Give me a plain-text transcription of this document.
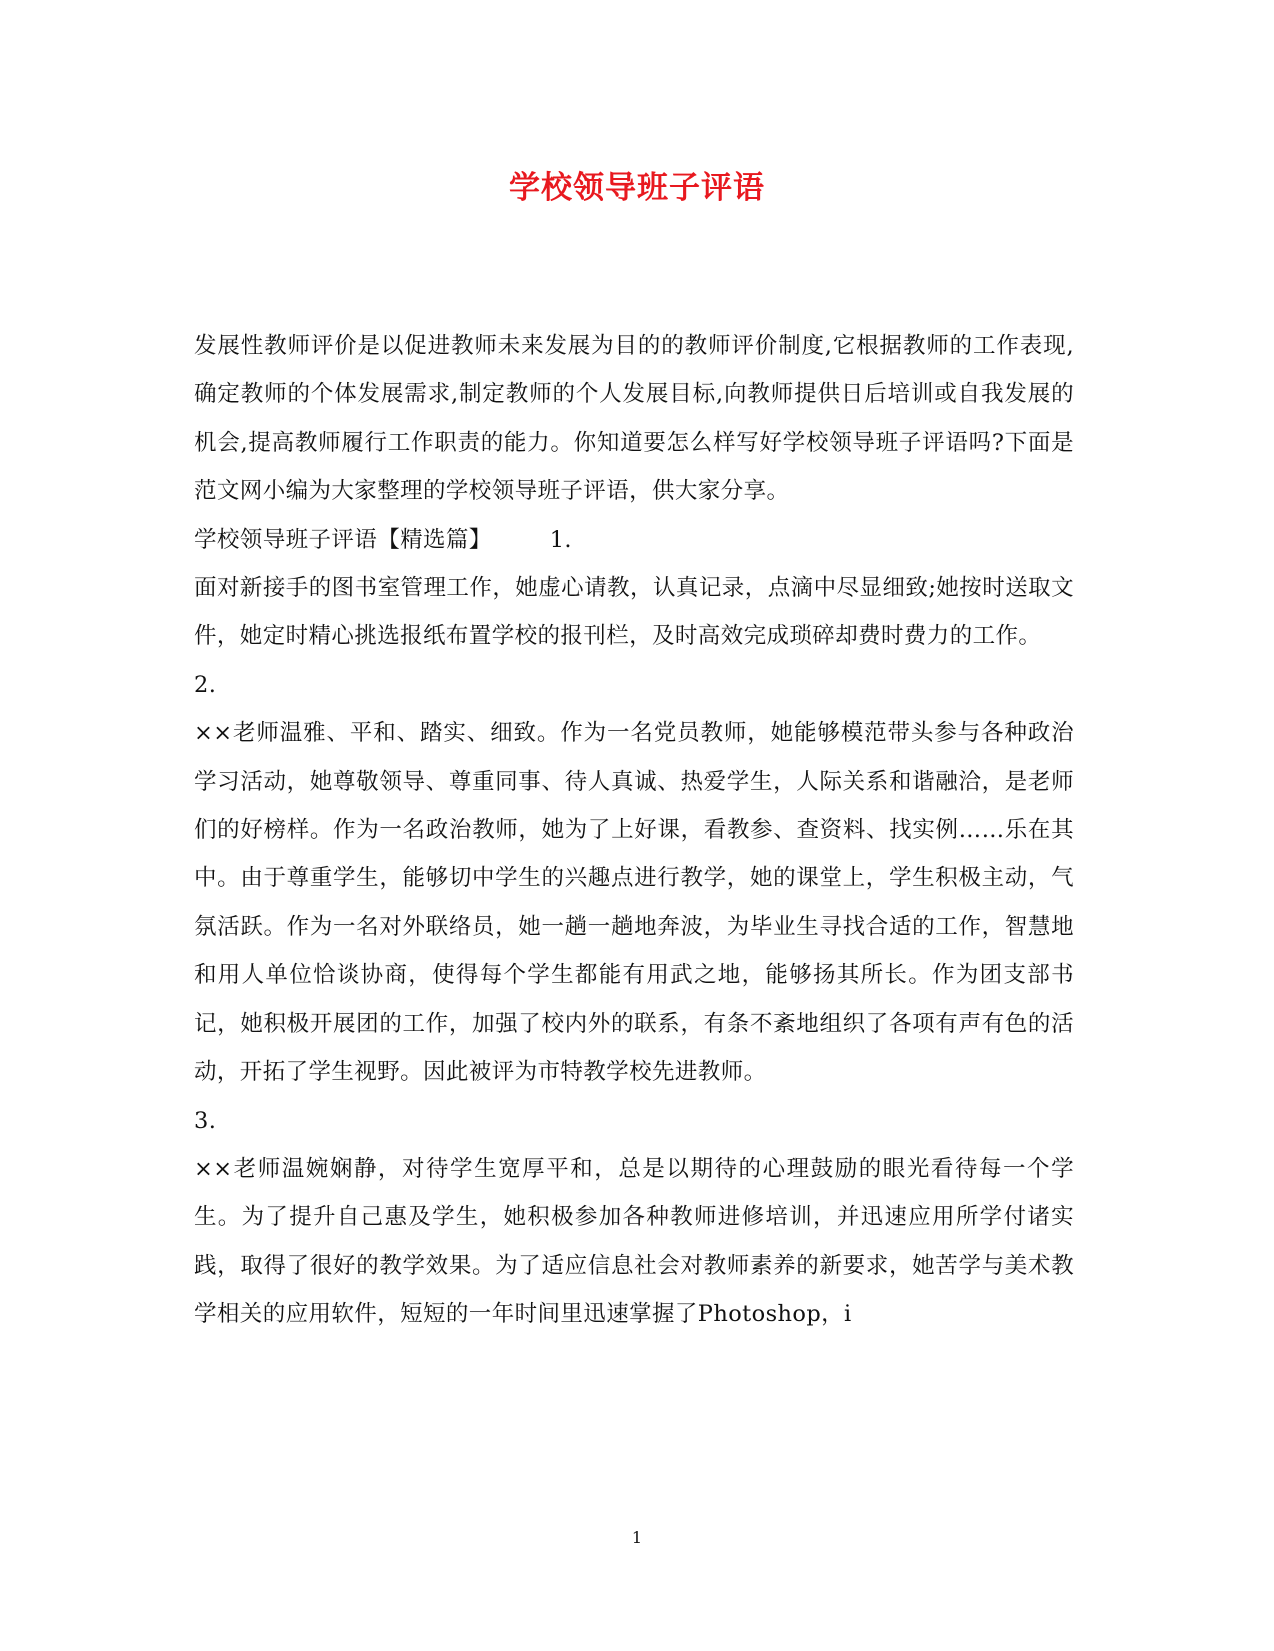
学校领导班子评语

发展性教师评价是以促进教师未来发展为目的的教师评价制度,它根据教师的工作表现,确定教师的个体发展需求,制定教师的个人发展目标,向教师提供日后培训或自我发展的机会,提高教师履行工作职责的能力。你知道要怎么样写好学校领导班子评语吗?下面是范文网小编为大家整理的学校领导班子评语，供大家分享。

学校领导班子评语【精选篇】	1.

面对新接手的图书室管理工作，她虚心请教，认真记录，点滴中尽显细致;她按时送取文件，她定时精心挑选报纸布置学校的报刊栏，及时高效完成琐碎却费时费力的工作。

2.

××老师温雅、平和、踏实、细致。作为一名党员教师，她能够模范带头参与各种政治学习活动，她尊敬领导、尊重同事、待人真诚、热爱学生，人际关系和谐融洽，是老师们的好榜样。作为一名政治教师，她为了上好课，看教参、查资料、找实例……乐在其中。由于尊重学生，能够切中学生的兴趣点进行教学，她的课堂上，学生积极主动，气氛活跃。作为一名对外联络员，她一趟一趟地奔波，为毕业生寻找合适的工作，智慧地和用人单位恰谈协商，使得每个学生都能有用武之地，能够扬其所长。作为团支部书记，她积极开展团的工作，加强了校内外的联系，有条不紊地组织了各项有声有色的活动，开拓了学生视野。因此被评为市特教学校先进教师。

3.

××老师温婉娴静，对待学生宽厚平和，总是以期待的心理鼓励的眼光看待每一个学生。为了提升自己惠及学生，她积极参加各种教师进修培训，并迅速应用所学付诸实践，取得了很好的教学效果。为了适应信息社会对教师素养的新要求，她苦学与美术教学相关的应用软件，短短的一年时间里迅速掌握了Photoshop，i

1
